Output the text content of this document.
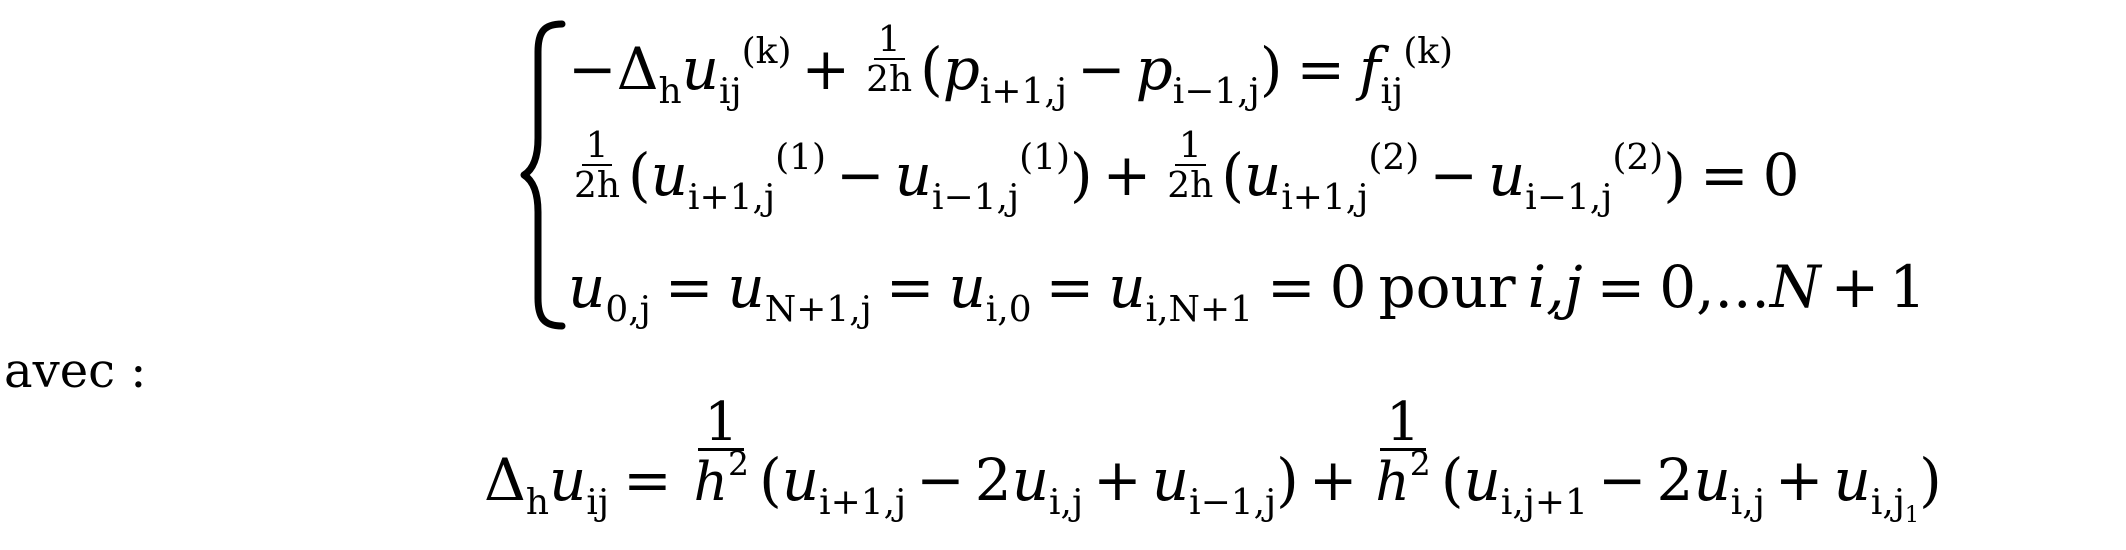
−Δ h u ij
$(k) + \frac{1}{2h}$ ( p i+1,j − p i−1,j ) = f ij
(k)
$\frac{1}{2h}$ ( u i+1,j
(1) − u i−1,j
(1) ) + $\frac{1}{2h}$ ( u i+1,j
(2) − u i−1,j
(2) ) = 0
u 0,j = u N+1,j = u i,0 = u i,N+1 = 0 pour i,j = 0,... N + 1
avec :
Δ h u ij = $\frac{1}{h^2}$ ( u i+1,j − 2 u i,j + u i−1,j ) + $\frac{1}{h^2}$ ( u i,j+1 − 2 u i,j + u $i,j_1$
)
